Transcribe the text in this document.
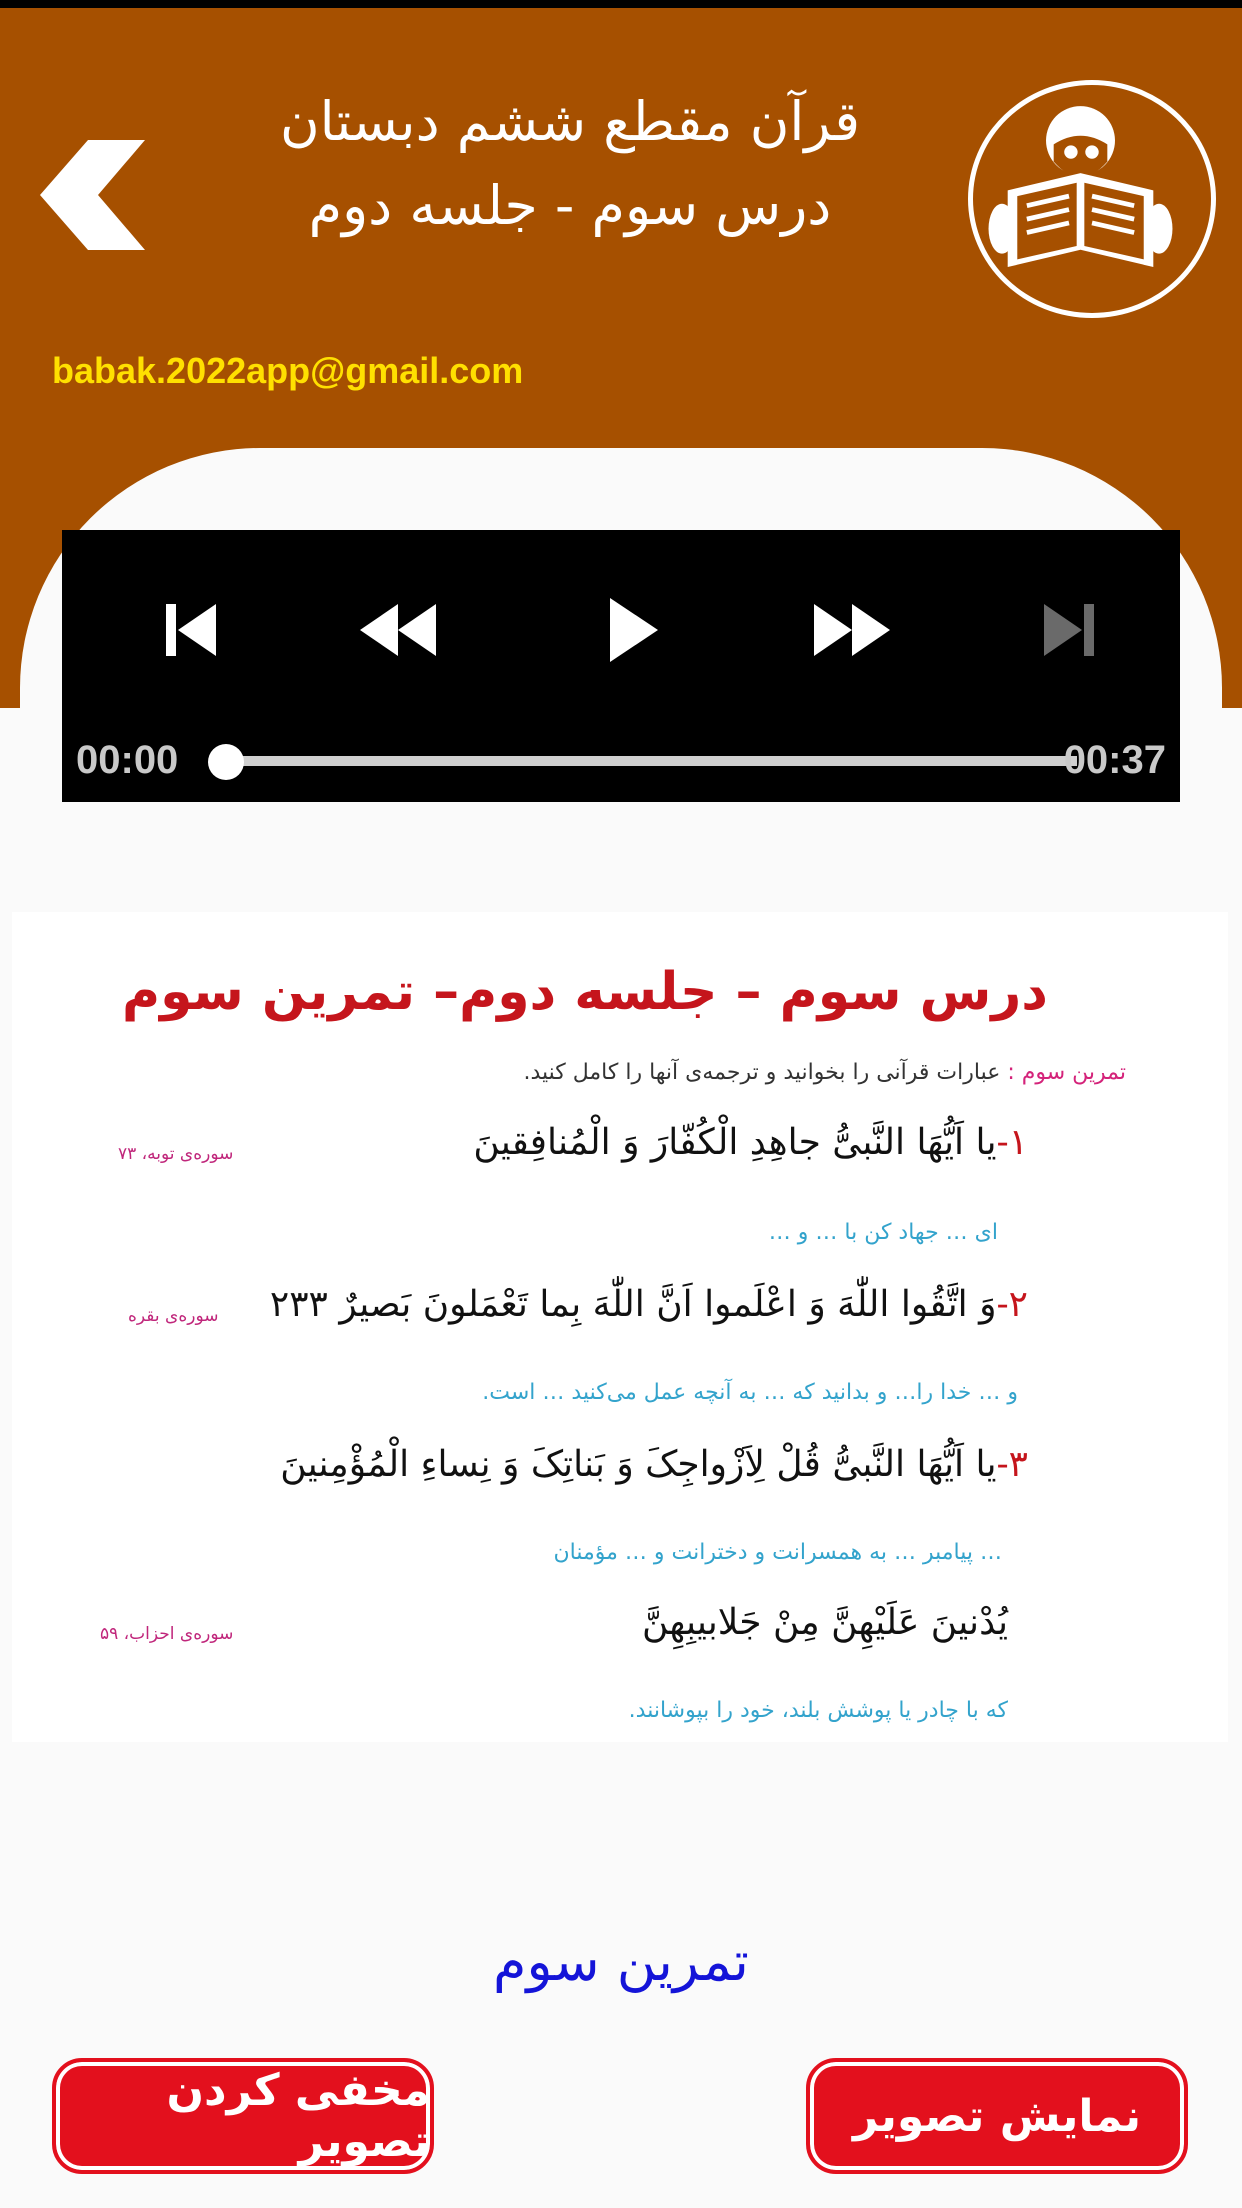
قرآن مقطع ششم دبستان
درس سوم - جلسه دوم
babak.2022app@gmail.com
00:00	00:37
درس سوم – جلسه دوم– تمرین سوم
تمرین سوم : عبارات قرآنی را بخوانید و ترجمه‌ی آنها را کامل کنید.
۱-یا اَیُّهَا النَّبیُّ جاهِدِ الْکُفّارَ وَ الْمُنافِقینَ
سوره‌ی توبه، ۷۳
ای … جهاد کن با … و …
۲-وَ اتَّقُوا اللّٰهَ وَ اعْلَموا اَنَّ اللّٰهَ بِما تَعْمَلونَ بَصیرٌ ۲۳۳
سوره‌ی بقره
و … خدا را… و بدانید که … به آنچه عمل می‌کنید … است.
۳-یا اَیُّهَا النَّبیُّ قُلْ لِاَزْواجِکَ وَ بَناتِکَ وَ نِساءِ الْمُؤْمِنینَ
… پیامبر … به همسرانت و دخترانت و … مؤمنان
یُدْنینَ عَلَیْهِنَّ مِنْ جَلابیبِهِنَّ
سوره‌ی احزاب، ۵۹
که با چادر یا پوشش بلند، خود را بپوشانند.
تمرین سوم
مخفی کردن تصویر	نمایش تصویر
